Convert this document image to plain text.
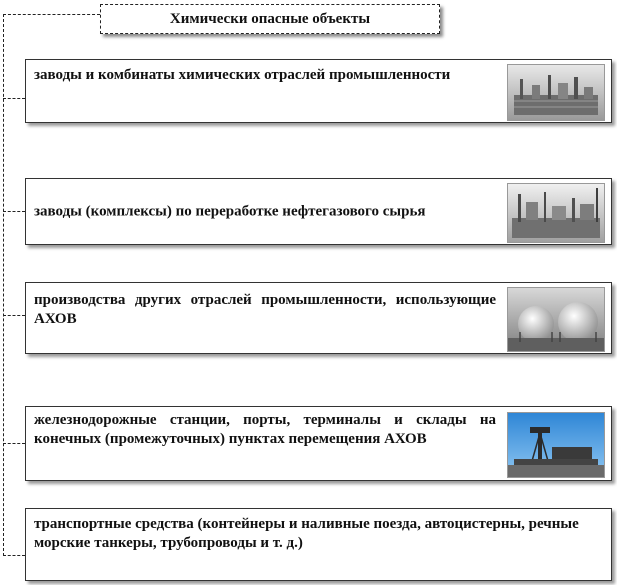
Химически опасные объекты
заводы и комбинаты химических отраслей промышленности
заводы (комплексы) по переработке нефтегазового сырья
производства других отраслей промышленности, использующие АХОВ
железнодорожные станции, порты, терминалы и склады на конечных (промежуточных) пунктах перемещения АХОВ
транспортные средства (контейнеры и наливные поезда, автоцистерны, речные морские танкеры, трубопроводы и т. д.)
